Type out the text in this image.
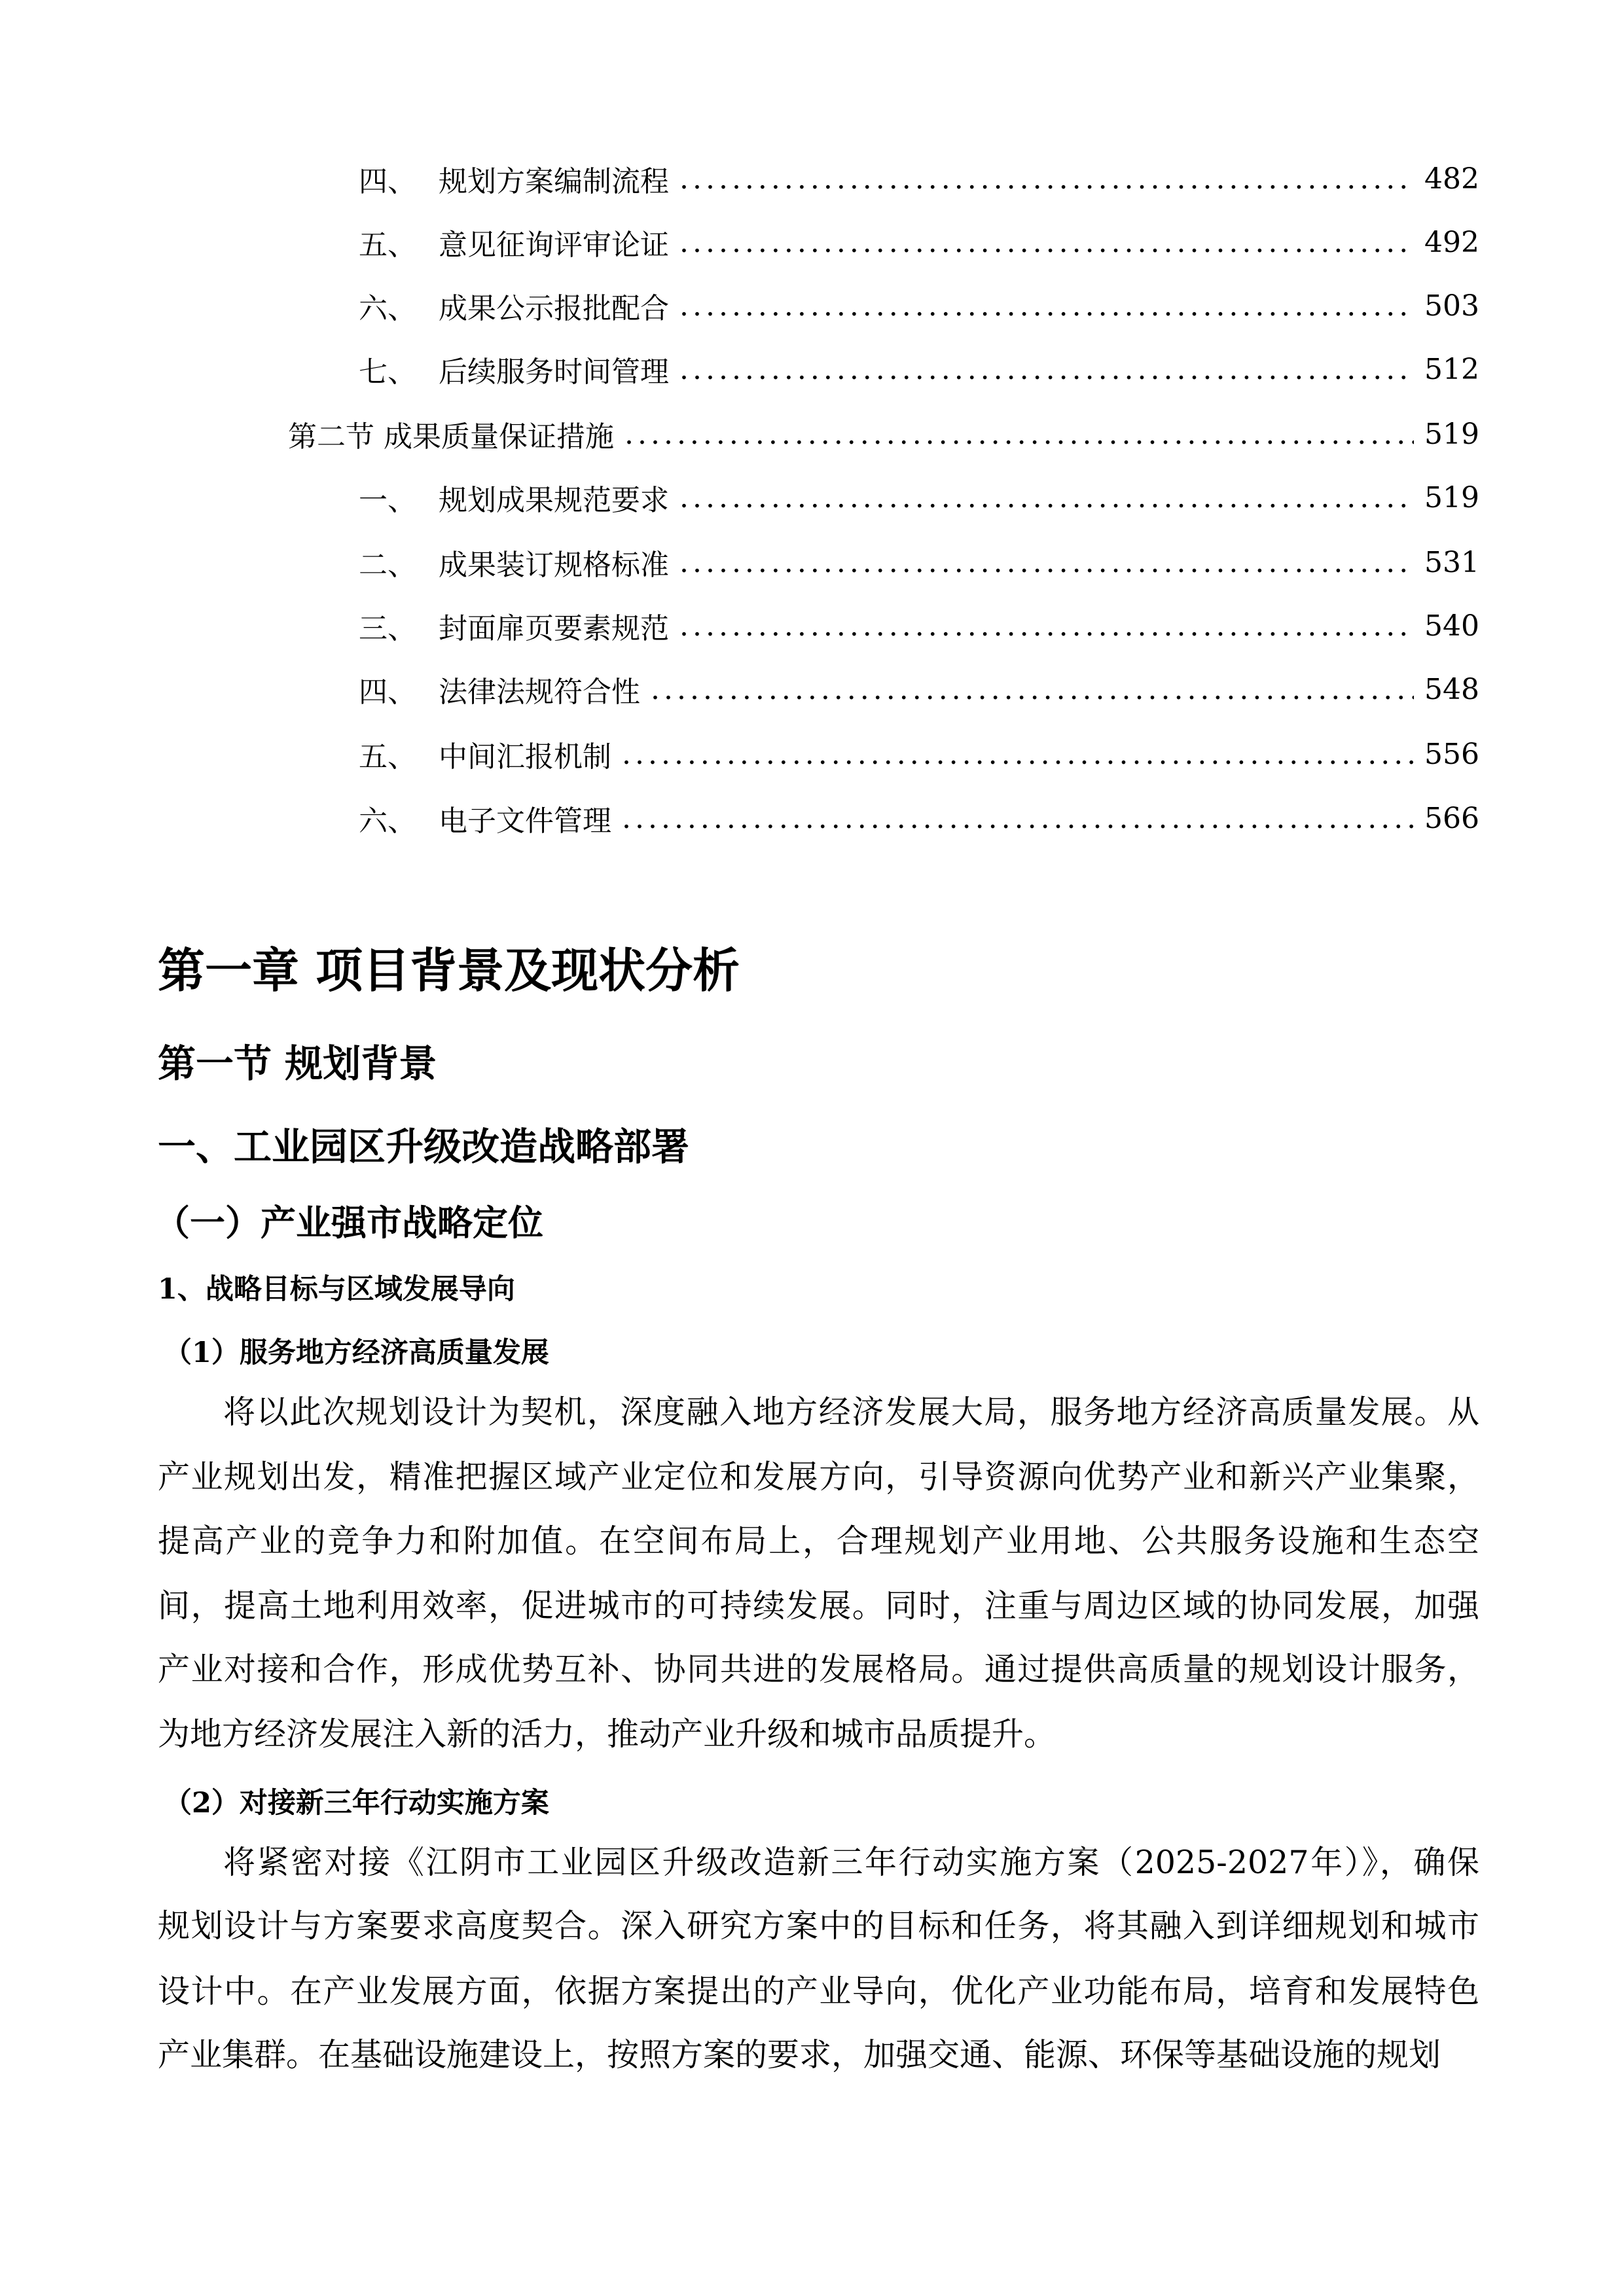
四、 规划方案编制流程 .....	482
五、 意见征询评审论证 .....	492
六、 成果公示报批配合 .....	503
七、 后续服务时间管理 .....	512
第二节 成果质量保证措施 .....	519
一、 规划成果规范要求 .....	519
二、 成果装订规格标准 .....	531
三、 封面扉页要素规范 .....	540
四、 法律法规符合性 .....	548
五、 中间汇报机制 .....	556
六、 电子文件管理 .....	566
第一章 项目背景及现状分析
第一节 规划背景
一、工业园区升级改造战略部署
（一）产业强市战略定位
1、战略目标与区域发展导向
（1）服务地方经济高质量发展
将以此次规划设计为契机，深度融入地方经济发展大局，服务地方经济高质量发展。从
产业规划出发，精准把握区域产业定位和发展方向，引导资源向优势产业和新兴产业集聚，
提高产业的竞争力和附加值。在空间布局上，合理规划产业用地、公共服务设施和生态空
间，提高土地利用效率，促进城市的可持续发展。同时，注重与周边区域的协同发展，加强
产业对接和合作，形成优势互补、协同共进的发展格局。通过提供高质量的规划设计服务，
为地方经济发展注入新的活力，推动产业升级和城市品质提升。
（2）对接新三年行动实施方案
将紧密对接《江阴市工业园区升级改造新三年行动实施方案（2025-2027年）》，确保
规划设计与方案要求高度契合。深入研究方案中的目标和任务，将其融入到详细规划和城市
设计中。在产业发展方面，依据方案提出的产业导向，优化产业功能布局，培育和发展特色
产业集群。在基础设施建设上，按照方案的要求，加强交通、能源、环保等基础设施的规划
